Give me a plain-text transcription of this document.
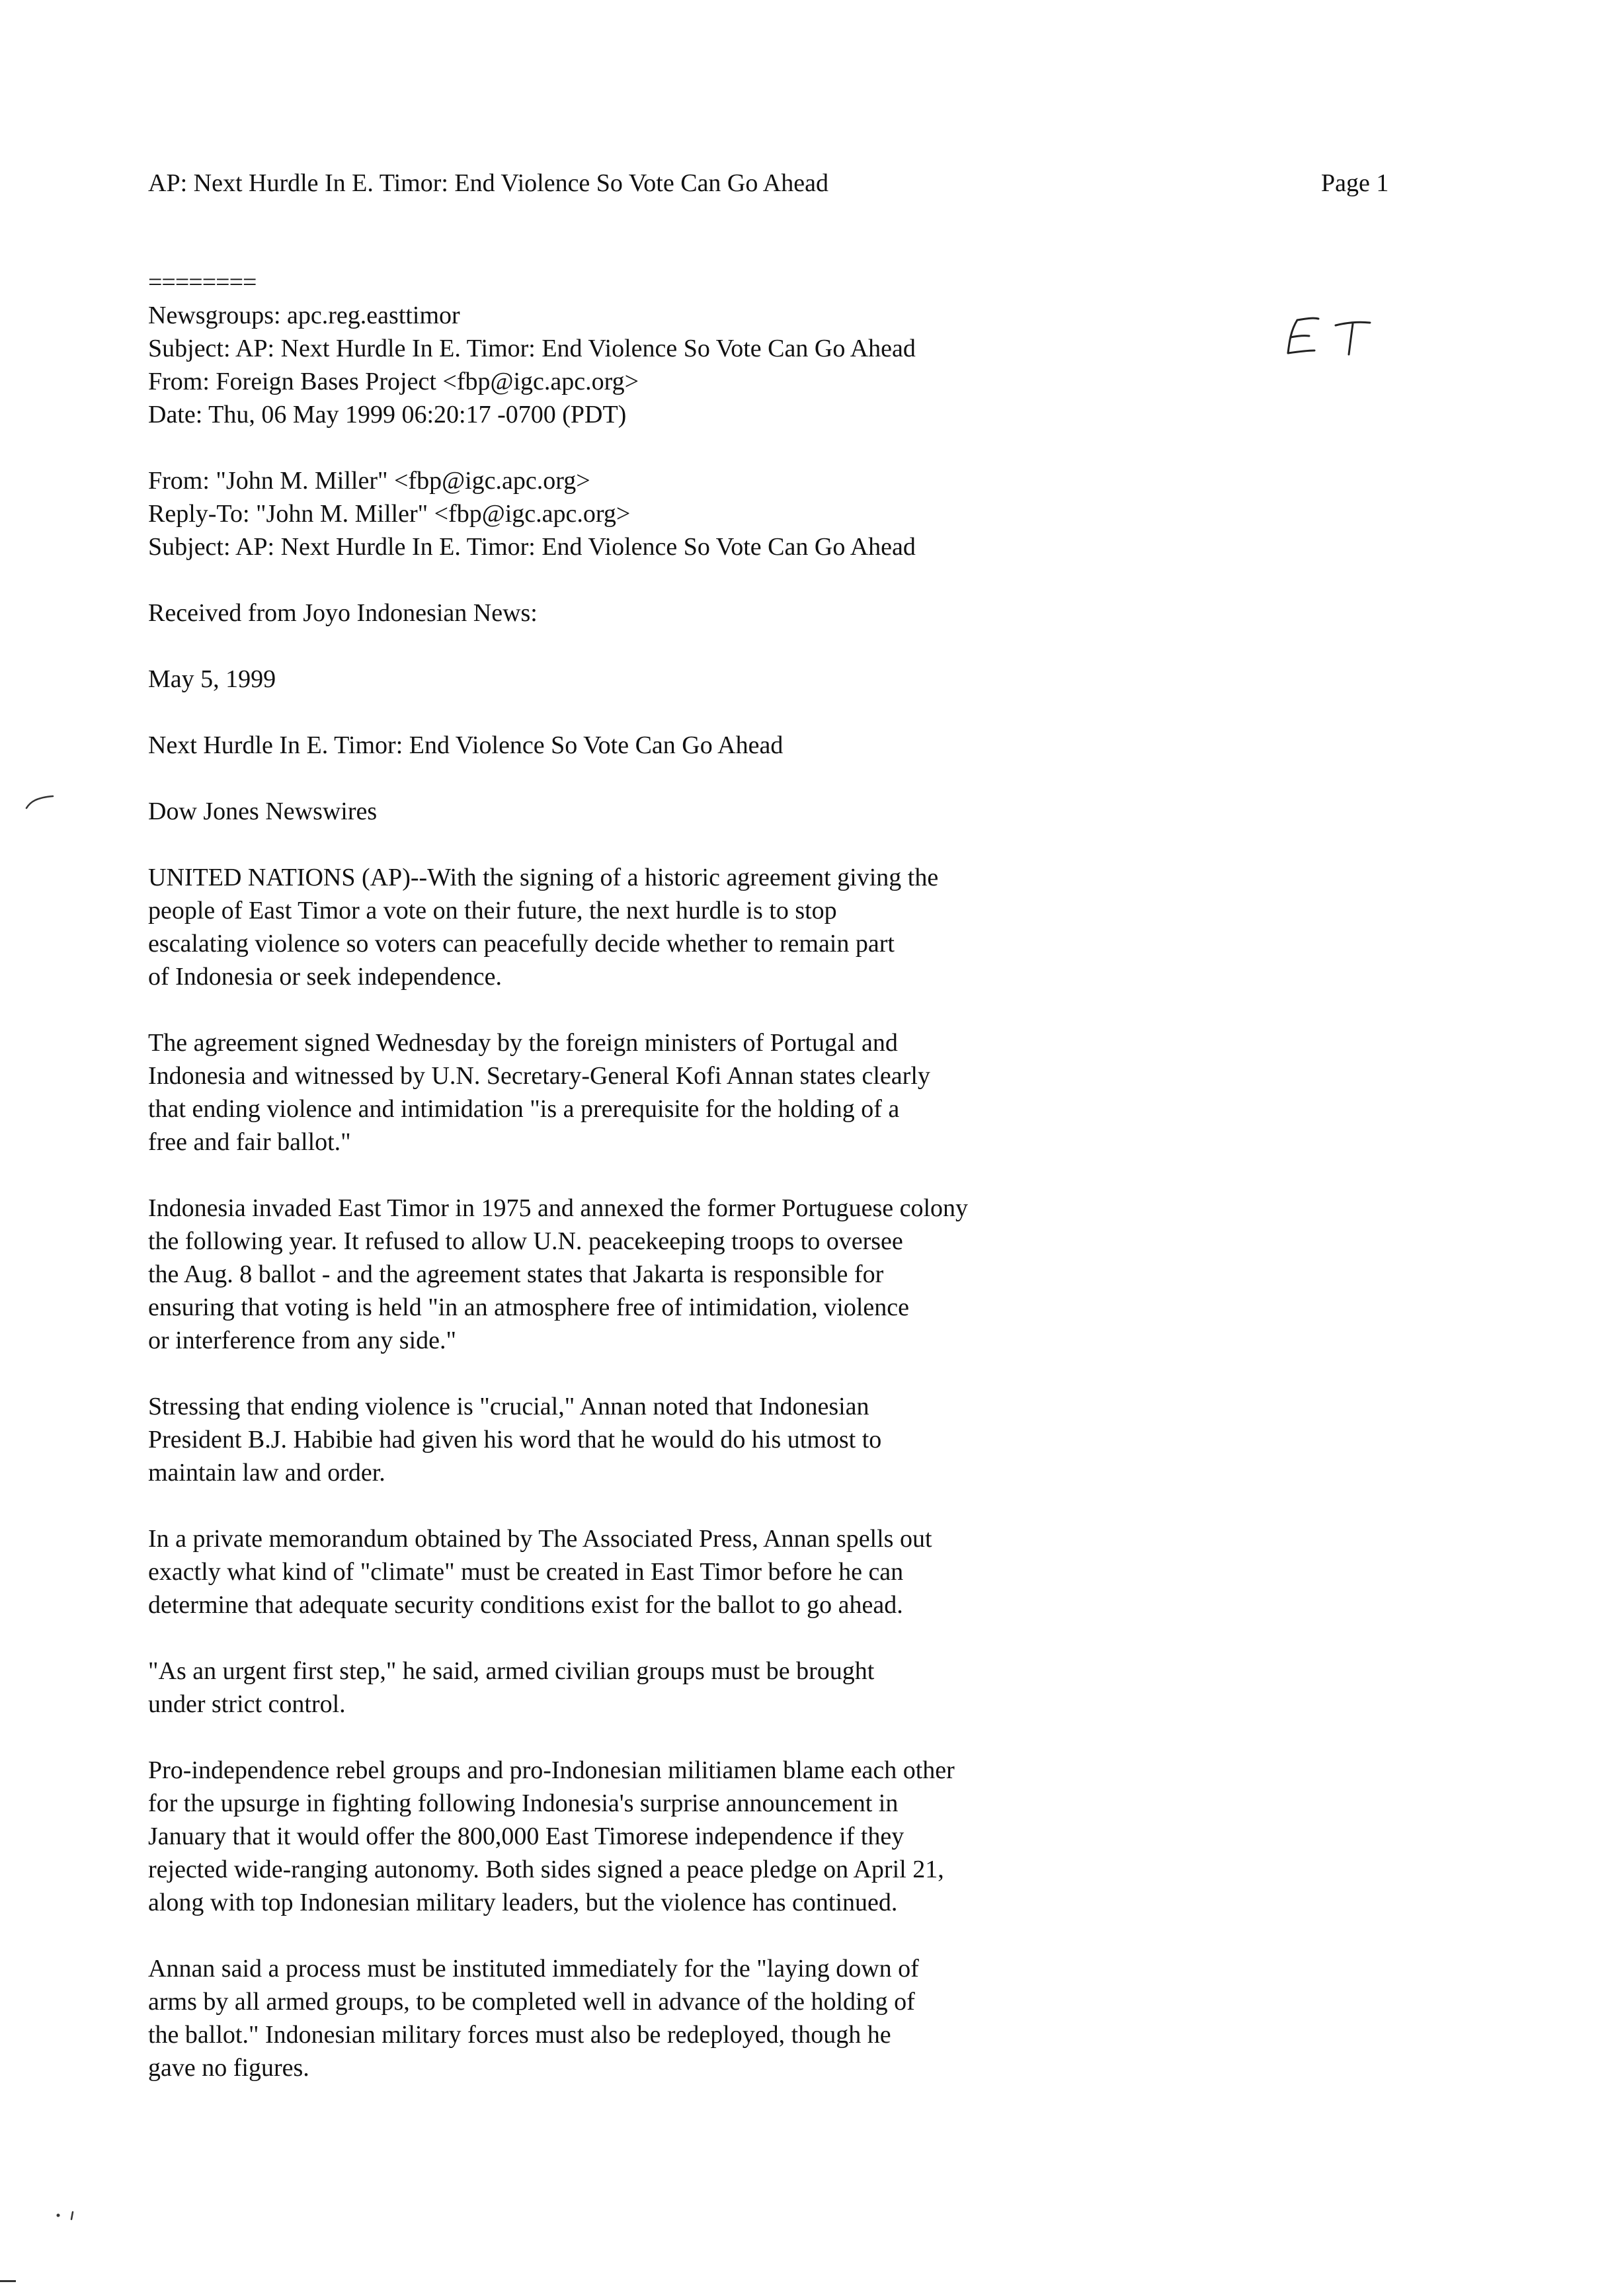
AP: Next Hurdle In E. Timor: End Violence So Vote Can Go Ahead	Page 1
========
Newsgroups: apc.reg.easttimor
Subject: AP: Next Hurdle In E. Timor: End Violence So Vote Can Go Ahead
From: Foreign Bases Project <fbp@igc.apc.org>
Date: Thu, 06 May 1999 06:20:17 -0700 (PDT)
From: "John M. Miller" <fbp@igc.apc.org>
Reply-To: "John M. Miller" <fbp@igc.apc.org>
Subject: AP: Next Hurdle In E. Timor: End Violence So Vote Can Go Ahead
Received from Joyo Indonesian News:
May 5, 1999
Next Hurdle In E. Timor: End Violence So Vote Can Go Ahead
Dow Jones Newswires
UNITED NATIONS (AP)--With the signing of a historic agreement giving the
people of East Timor a vote on their future, the next hurdle is to stop
escalating violence so voters can peacefully decide whether to remain part
of Indonesia or seek independence.
The agreement signed Wednesday by the foreign ministers of Portugal and
Indonesia and witnessed by U.N. Secretary-General Kofi Annan states clearly
that ending violence and intimidation "is a prerequisite for the holding of a
free and fair ballot."
Indonesia invaded East Timor in 1975 and annexed the former Portuguese colony
the following year. It refused to allow U.N. peacekeeping troops to oversee
the Aug. 8 ballot - and the agreement states that Jakarta is responsible for
ensuring that voting is held "in an atmosphere free of intimidation, violence
or interference from any side."
Stressing that ending violence is "crucial," Annan noted that Indonesian
President B.J. Habibie had given his word that he would do his utmost to
maintain law and order.
In a private memorandum obtained by The Associated Press, Annan spells out
exactly what kind of "climate" must be created in East Timor before he can
determine that adequate security conditions exist for the ballot to go ahead.
"As an urgent first step," he said, armed civilian groups must be brought
under strict control.
Pro-independence rebel groups and pro-Indonesian militiamen blame each other
for the upsurge in fighting following Indonesia's surprise announcement in
January that it would offer the 800,000 East Timorese independence if they
rejected wide-ranging autonomy. Both sides signed a peace pledge on April 21,
along with top Indonesian military leaders, but the violence has continued.
Annan said a process must be instituted immediately for the "laying down of
arms by all armed groups, to be completed well in advance of the holding of
the ballot." Indonesian military forces must also be redeployed, though he
gave no figures.
